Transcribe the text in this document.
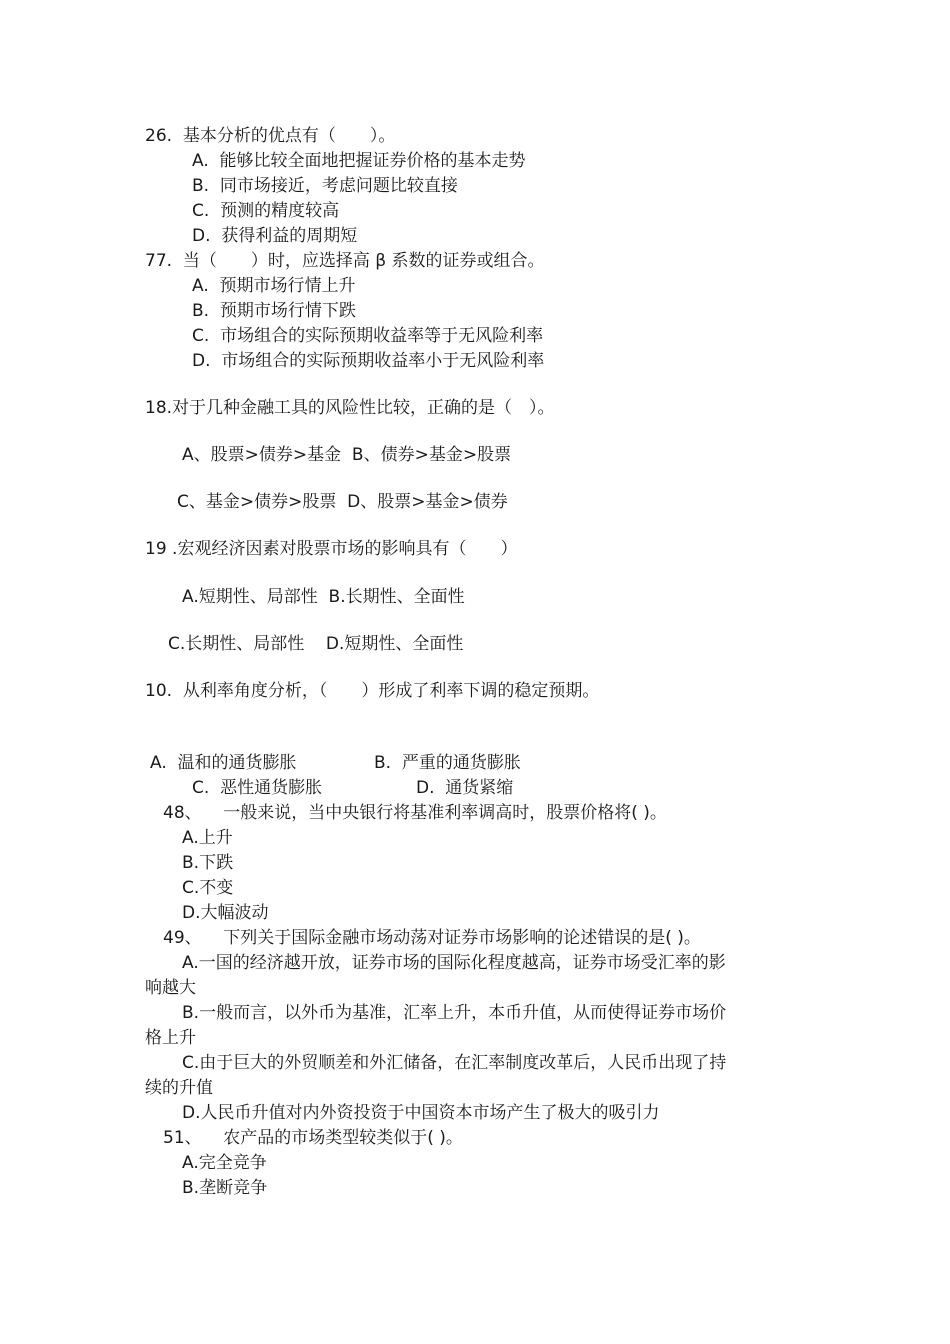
26.  基本分析的优点有（　　）。
A.  能够比较全面地把握证券价格的基本走势
B.  同市场接近，考虑问题比较直接
C.  预测的精度较高
D.  获得利益的周期短
77.  当（　　）时，应选择高 β 系数的证券或组合。
A.  预期市场行情上升
B.  预期市场行情下跌
C.  市场组合的实际预期收益率等于无风险利率
D.  市场组合的实际预期收益率小于无风险利率
18.对于几种金融工具的风险性比较，正确的是（　）。
A、股票>债券>基金  B、债券>基金>股票
C、基金>债券>股票  D、股票>基金>债券
19 .宏观经济因素对股票市场的影响具有（　　）
A.短期性、局部性  B.长期性、全面性
C.长期性、局部性    D.短期性、全面性
10.  从利率角度分析，（　　）形成了利率下调的稳定预期。
A.  温和的通货膨胀	B.  严重的通货膨胀
C.  恶性通货膨胀	D.  通货紧缩
48、    一般来说，当中央银行将基准利率调高时，股票价格将( )。
A.上升
B.下跌
C.不变
D.大幅波动
49、    下列关于国际金融市场动荡对证券市场影响的论述错误的是( )。
A.一国的经济越开放，证券市场的国际化程度越高，证券市场受汇率的影
响越大
B.一般而言，以外币为基准，汇率上升，本币升值，从而使得证券市场价
格上升
C.由于巨大的外贸顺差和外汇储备，在汇率制度改革后，人民币出现了持
续的升值
D.人民币升值对内外资投资于中国资本市场产生了极大的吸引力
51、    农产品的市场类型较类似于( )。
A.完全竞争
B.垄断竞争
